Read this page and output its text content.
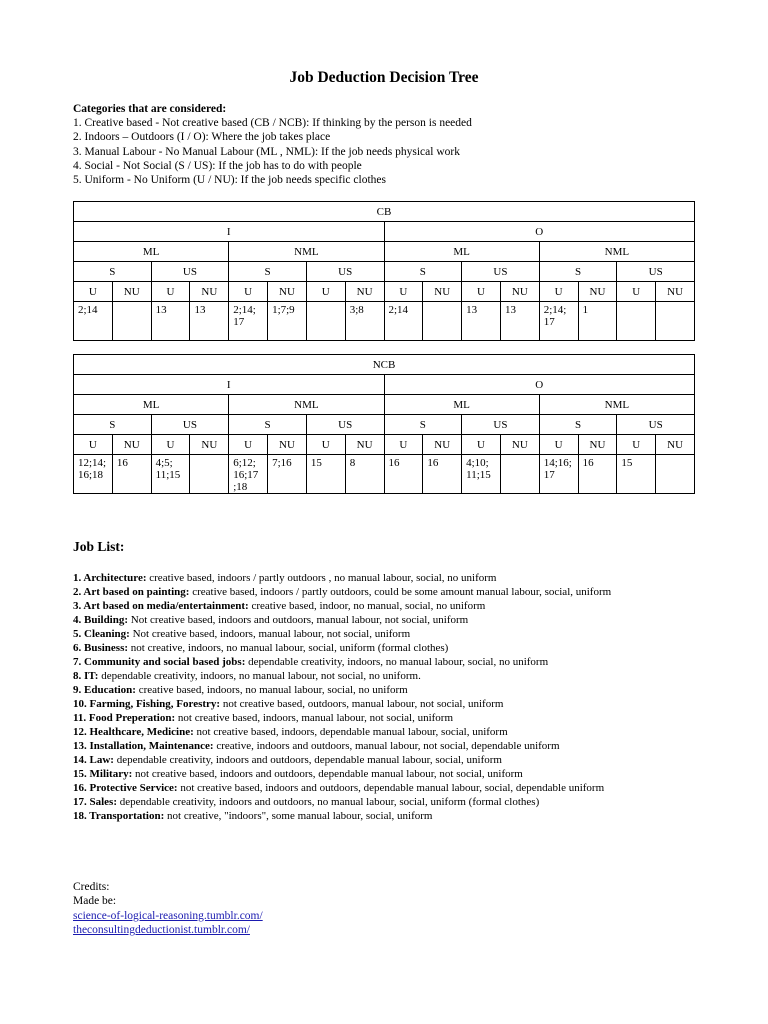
Job Deduction Decision Tree
Categories that are considered:
1. Creative based - Not creative based (CB / NCB): If thinking by the person is needed
2. Indoors – Outdoors (I / O): Where the job takes place
3. Manual Labour - No Manual Labour (ML , NML): If the job needs physical work
4. Social - Not Social (S / US): If the job has to do with people
5. Uniform - No Uniform (U / NU): If the job needs specific clothes
CB															
I								O							
ML				NML				ML				NML			
S		US		S		US		S		US		S		US	
U	NU	U	NU	U	NU	U	NU	U	NU	U	NU	U	NU	U	NU
2;14		13	13	2;14; 17	1;7;9		3;8	2;14		13	13	2;14; 17	1		
NCB															
I								O							
ML				NML				ML				NML			
S		US		S		US		S		US		S		US	
U	NU	U	NU	U	NU	U	NU	U	NU	U	NU	U	NU	U	NU
12;14; 16;18	16	4;5; 11;15		6;12; 16;17 ;18	7;16	15	8	16	16	4;10; 11;15		14;16; 17	16	15	
Job List:
1. Architecture: creative based, indoors / partly outdoors , no manual labour, social, no uniform
2. Art based on painting: creative based, indoors / partly outdoors, could be some amount manual labour, social, uniform
3. Art based on media/entertainment: creative based, indoor, no manual, social, no uniform
4. Building: Not creative based, indoors and outdoors, manual labour, not social, uniform
5. Cleaning: Not creative based, indoors, manual labour, not social, uniform
6. Business: not creative, indoors, no manual labour, social, uniform (formal clothes)
7. Community and social based jobs: dependable creativity, indoors, no manual labour, social, no uniform
8. IT: dependable creativity, indoors, no manual labour, not social, no uniform.
9. Education: creative based, indoors, no manual labour, social, no uniform
10. Farming, Fishing, Forestry: not creative based, outdoors, manual labour, not social, uniform
11. Food Preperation: not creative based, indoors, manual labour, not social, uniform
12. Healthcare, Medicine: not creative based, indoors, dependable manual labour, social, uniform
13. Installation, Maintenance: creative, indoors and outdoors, manual labour, not social, dependable uniform
14. Law: dependable creativity, indoors and outdoors, dependable manual labour, social, uniform
15. Military: not creative based, indoors and outdoors, dependable manual labour, not social, uniform
16. Protective Service: not creative based, indoors and outdoors, dependable manual labour, social, dependable uniform
17. Sales: dependable creativity, indoors and outdoors, no manual labour, social, uniform (formal clothes)
18. Transportation: not creative, "indoors", some manual labour, social, uniform
Credits:
Made be:
science-of-logical-reasoning.tumblr.com/
theconsultingdeductionist.tumblr.com/
